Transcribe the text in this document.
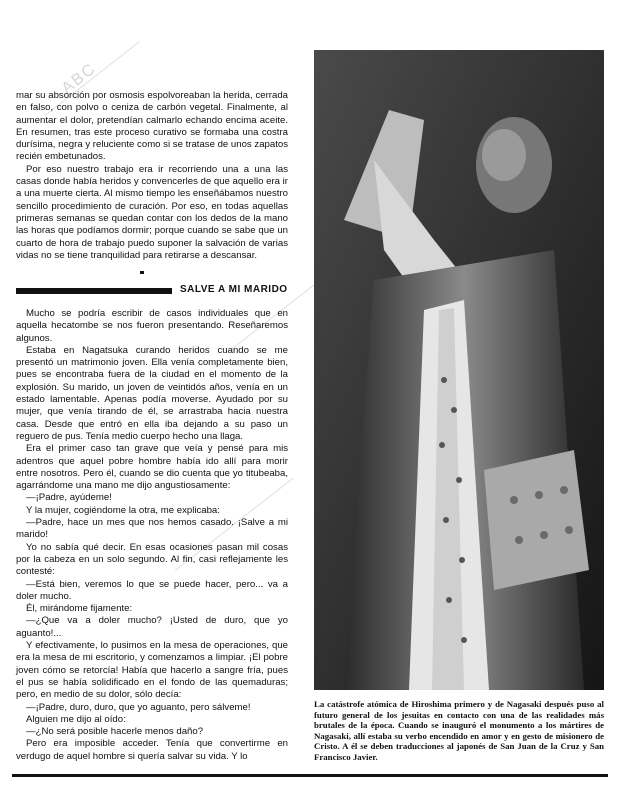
ABC

mar su absorción por osmosis espolvoreaban la herida, cerrada en falso, con polvo o ceniza de carbón vegetal. Finalmente, al aumentar el dolor, pretendían calmarlo echando encima aceite. En resumen, tras este proceso curativo se formaba una costra durísima, negra y reluciente como si se tratase de unos zapatos recién embetunados.

Por eso nuestro trabajo era ir recorriendo una a una las casas donde había heridos y convencerles de que aquello era ir a una muerte cierta. Al mismo tiempo les enseñábamos nuestro sencillo procedimiento de curación. Por eso, en todas aquellas primeras semanas se quedan contar con los dedos de la mano las horas que podíamos dormir; porque cuando se sabe que un cuarto de hora de trabajo puedo suponer la salvación de varias vidas no se tiene tranquilidad para retirarse a descansar.

SALVE A MI MARIDO

Mucho se podría escribir de casos individuales que en aquella hecatombe se nos fueron presentando. Reseñaremos algunos.

Estaba en Nagatsuka curando heridos cuando se me presentó un matrimonio joven. Ella venía completamente bien, pues se encontraba fuera de la ciudad en el momento de la explosión. Su marido, un joven de veintidós años, venía en un estado lamentable. Apenas podía moverse. Ayudado por su mujer, que venía tirando de él, se arrastraba hacia nuestra casa. Desde que entró en ella iba dejando a su paso un reguero de pus. Tenía medio cuerpo hecho una llaga.

Era el primer caso tan grave que veía y pensé para mis adentros que aquel pobre hombre había ido allí para morir entre nosotros. Pero él, cuando se dio cuenta que yo titubeaba, agarrándome una mano me dijo angustiosamente:

—¡Padre, ayúdeme!

Y la mujer, cogiéndome la otra, me explicaba:

—Padre, hace un mes que nos hemos casado. ¡Salve a mi marido!

Yo no sabía qué decir. En esas ocasiones pasan mil cosas por la cabeza en un solo segundo. Al fin, casi reflejamente les contesté:

—Está bien, veremos lo que se puede hacer, pero... va a doler mucho.

Él, mirándome fijamente:

—¿Que va a doler mucho? ¡Usted de duro, que yo aguanto!...

Y efectivamente, lo pusimos en la mesa de operaciones, que era la mesa de mi escritorio, y comenzamos a limpiar. ¡El pobre joven cómo se retorcía! Había que hacerlo a sangre fría, pues el pus se había solidificado en el fondo de las quemaduras; pero, en medio de su dolor, sólo decía:

—¡Padre, duro, duro, que yo aguanto, pero sálveme!

Alguien me dijo al oído:

—¿No será posible hacerle menos daño?

Pero era imposible acceder. Tenía que convertirme en verdugo de aquel hombre si quería salvar su vida. Y lo

La catástrofe atómica de Hiroshima primero y de Nagasaki después puso al futuro general de los jesuitas en contacto con una de las realidades más brutales de la época. Cuando se inauguró el monumento a los mártires de Nagasaki, allí estaba su verbo encendido en amor y en gesto de misionero de Cristo. A él se deben traducciones al japonés de San Juan de la Cruz y San Francisco Javier.
